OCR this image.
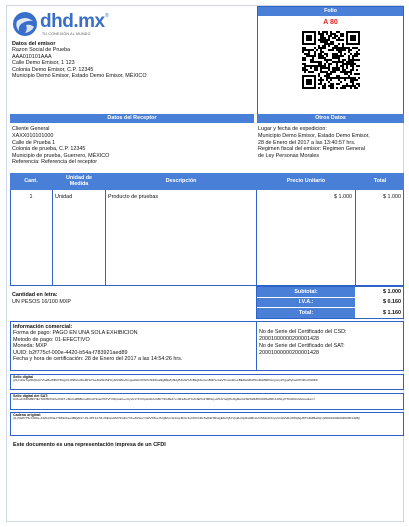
dhd.mx ®
TU CONEXIÓN AL MUNDO
Datos del emisor
Razon Social de Prueba
AAA010101AAA
Calle Demo Emisor, 1 123
Colonia Demo Emisor, C.P. 12345
Municipio Demo Emisor, Estado Demo Emisor, MÉXICO
Folio
A 80
Datos del Receptor
Cliente General
XAXX010101000
Calle de Prueba 1
Colonia de prueba, C.P. 12345
Municipio de prueba, Guerrero, MÉXICO
Referencia: Referencia del receptor
Otros Datos
Lugar y fecha de expedicion:
Municipio Demo Emisor, Estado Demo Emisor,
28 de Enero del 2017 a las 13:40:57 hrs.
Regimen fiscal del emisor: Regimen General
de Ley Personas Morales
Cant.	Unidad de Medida	Descripción	Precio Unitario	Total
1	Unidad	Producto de pruebas	$ 1.000	$ 1.000
Cantidad en letra:
UN PESOS 16/100 MXP
Subtotal:	$ 1.000
I.V.A.:	$ 0.160
Total:	$ 1.160
Información comercial:
Forma de pago: PAGO EN UNA SOLA EXHIBICION
Metodo de pago: 01-EFECTIVO
Moneda: MXP
UUID: b2f775cf-000e-4420-b54a-f783921aed89
Fecha y hora de certificación: 28 de Enero del 2017 a las 14:54:26 hrs.
No de Serie del Certificado del CSD:
20001000000200001428
No de Serie del Certificado del SAT:
20001000000200001428
Sello digital
ghUroNeTqZDzjtbCrVhwBuWBCHKtgrCL8hBxhu5ioMHsTAe4hZ0ctMHcy6OGBGOmgudGbVKWXnNi6IIGa9gB8pZy8ldyBXuWYZnBkgNGnvmBhPsxAaVTmwukhu1BEDA9RAHhuRGB9PiGnjmrtyZ7gqWyhaAfTNRmOS8P9
Sello digital del SAT:
UlJLwOKDNBKHEYbFP8FHdXeO4FT+Bmb4ZB8bnu2PeUHnaeHhTVIYMpmaG+xUyVo1YFXXpxkGbCG8bYSCZEd7+n9Fe8udTzuKJEHmHMNsy+RKGYaQPeNgMelmNWXkRZPbW8Sx8DUt1WLyHTbG0Nv3AuGu4w==
Cadena original:
||1.0|b2f775cf-000e-4420-b54a-f783921aed89|2017-01-28T14:54:26|FqrA8vP2GZs7Xh+Zl2LtuYsWVK6ne7kQfRLmG4uwJtDzc1oCPbrN0zSv8IkH3FagE9xVj5YQn2LtOpRwkBU/eh7Mi4cKX1ysVzq0ZdFxWlNjSgJ8TGM3Ba0Q=|20001000000200001428||
Este documento es una representación impresa de un CFDI
